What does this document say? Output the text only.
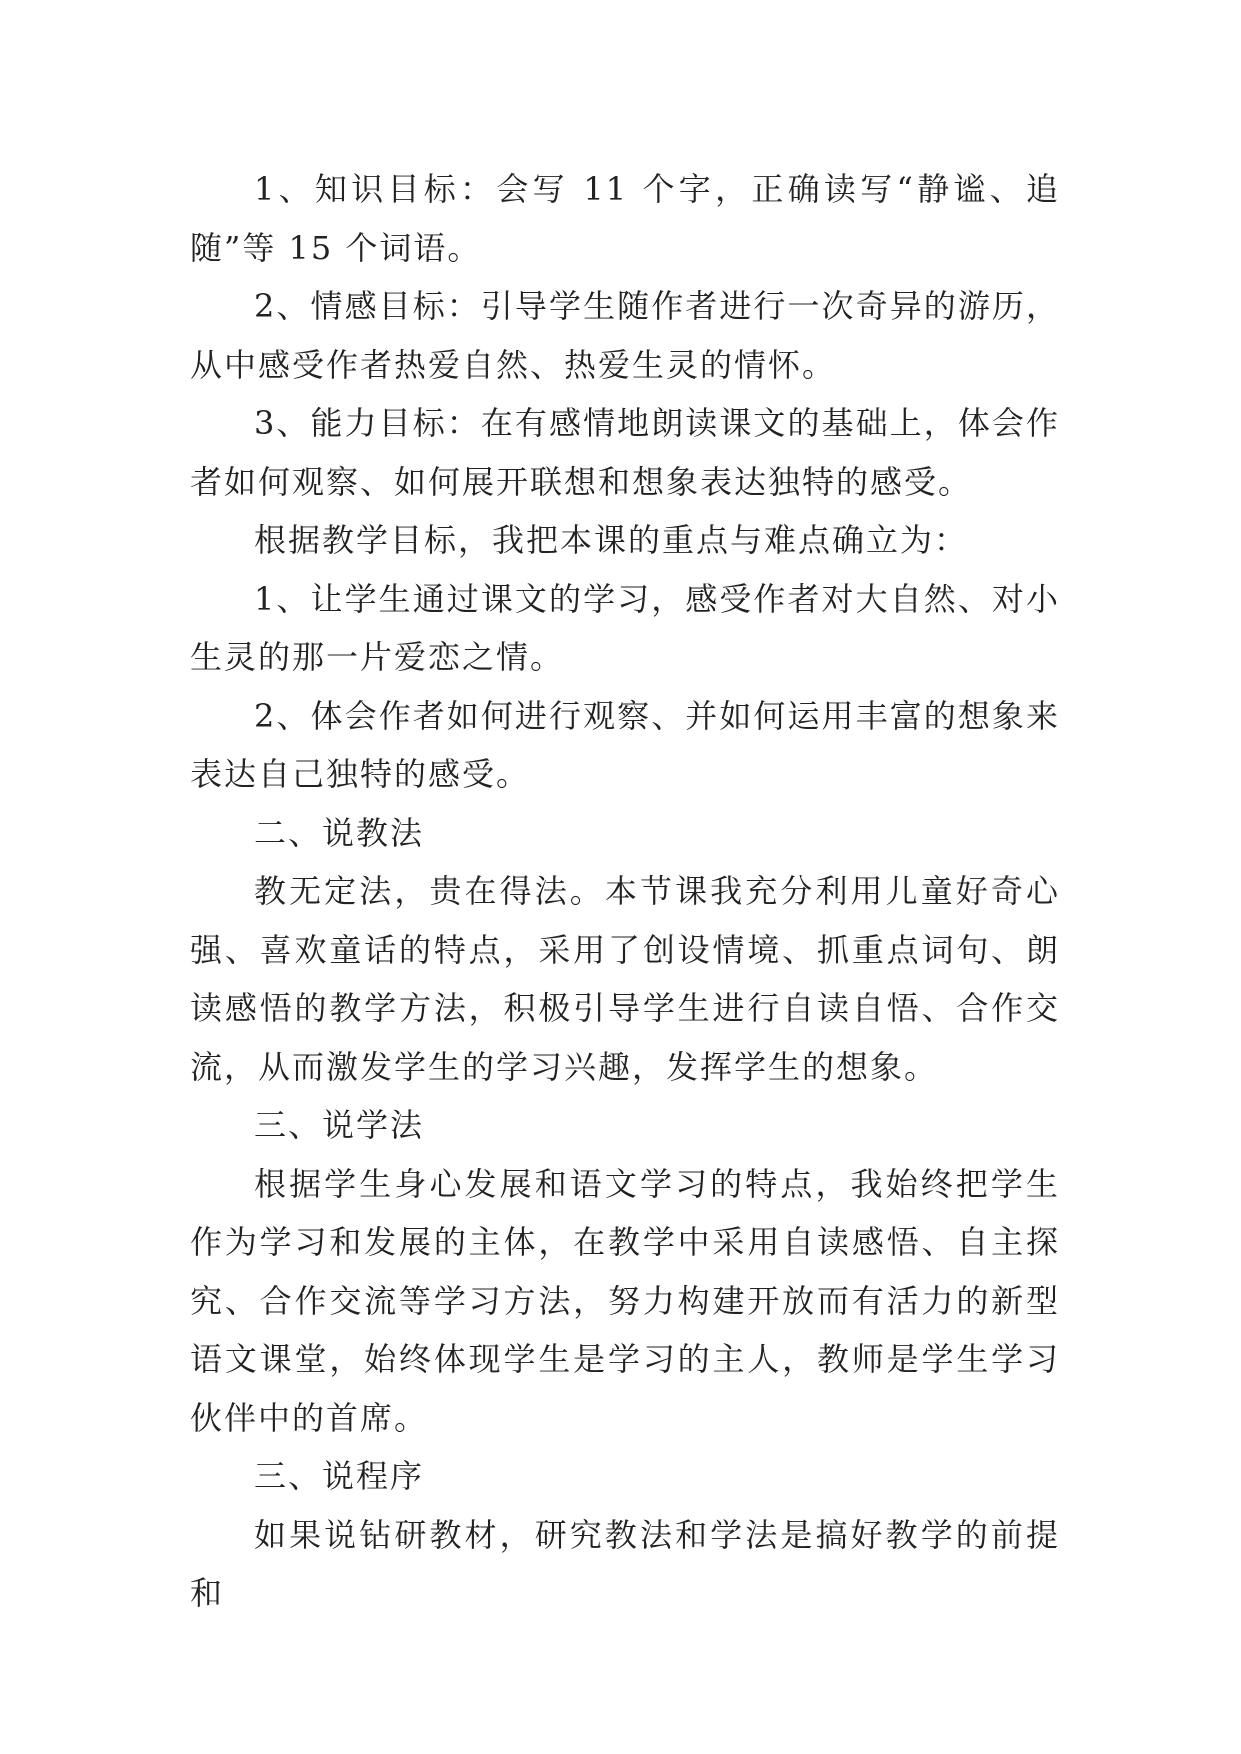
1、知识目标：会写 11 个字，正确读写“静谧、追随”等 15 个词语。

2、情感目标：引导学生随作者进行一次奇异的游历，从中感受作者热爱自然、热爱生灵的情怀。

3、能力目标：在有感情地朗读课文的基础上，体会作者如何观察、如何展开联想和想象表达独特的感受。

根据教学目标，我把本课的重点与难点确立为：

1、让学生通过课文的学习，感受作者对大自然、对小生灵的那一片爱恋之情。

2、体会作者如何进行观察、并如何运用丰富的想象来表达自己独特的感受。

二、说教法

教无定法，贵在得法。本节课我充分利用儿童好奇心强、喜欢童话的特点，采用了创设情境、抓重点词句、朗读感悟的教学方法，积极引导学生进行自读自悟、合作交流，从而激发学生的学习兴趣，发挥学生的想象。

三、说学法

根据学生身心发展和语文学习的特点，我始终把学生作为学习和发展的主体，在教学中采用自读感悟、自主探究、合作交流等学习方法，努力构建开放而有活力的新型语文课堂，始终体现学生是学习的主人，教师是学生学习伙伴中的首席。

三、说程序

如果说钻研教材，研究教法和学法是搞好教学的前提和
